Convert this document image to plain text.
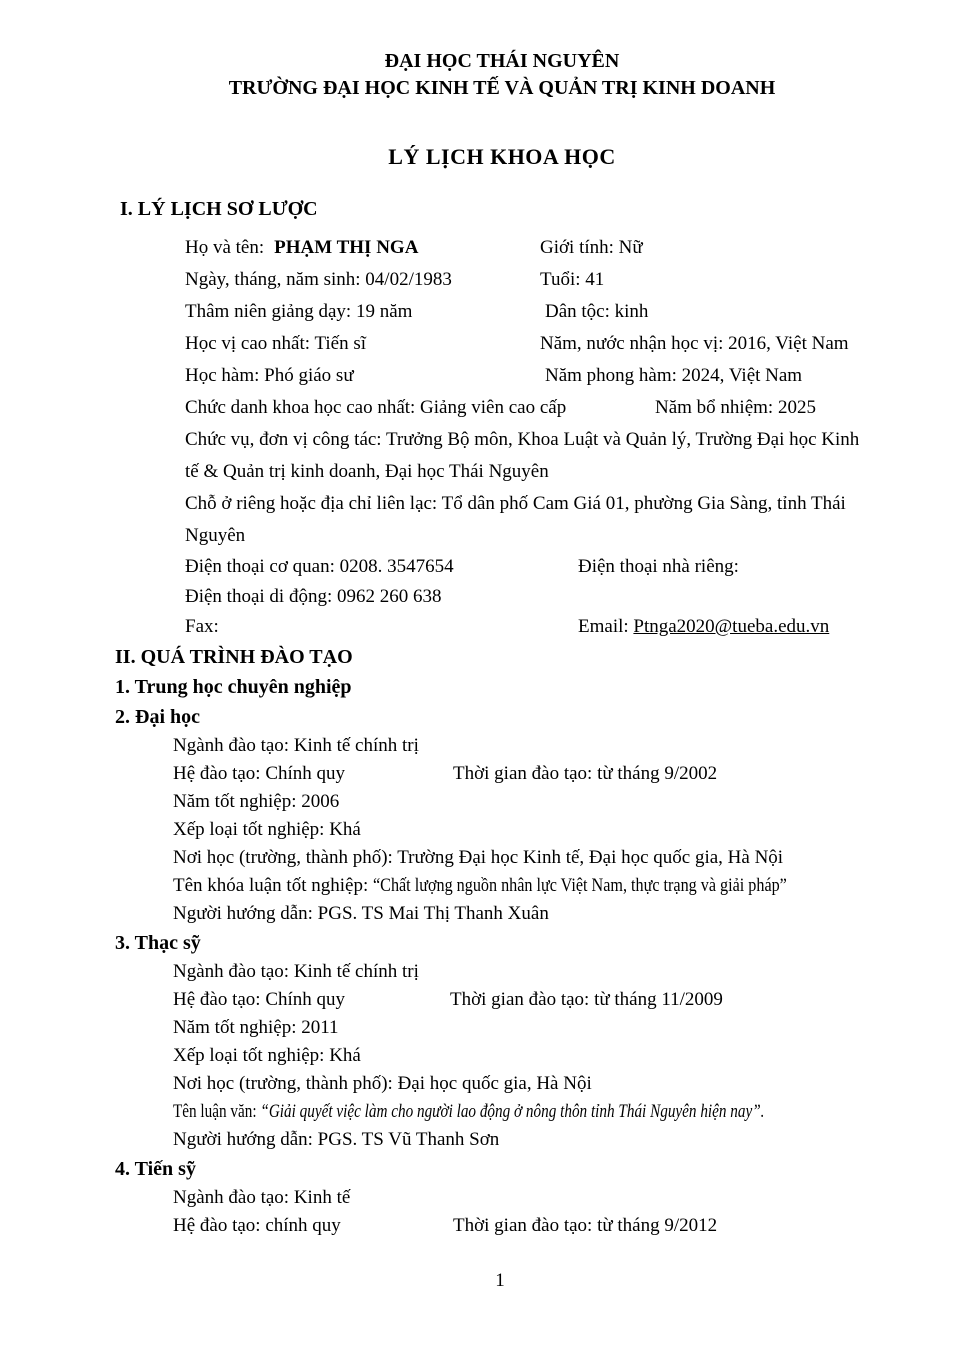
ĐẠI HỌC THÁI NGUYÊN
TRƯỜNG ĐẠI HỌC KINH TẾ VÀ QUẢN TRỊ KINH DOANH
LÝ LỊCH KHOA HỌC
I. LÝ LỊCH SƠ LƯỢC
Họ và tên: PHẠM THỊ NGA	Giới tính: Nữ
Ngày, tháng, năm sinh: 04/02/1983	Tuổi: 41
Thâm niên giảng dạy: 19 năm	Dân tộc: kinh
Học vị cao nhất: Tiến sĩ	Năm, nước nhận học vị: 2016, Việt Nam
Học hàm: Phó giáo sư	Năm phong hàm: 2024, Việt Nam
Chức danh khoa học cao nhất: Giảng viên cao cấp	Năm bổ nhiệm: 2025
Chức vụ, đơn vị công tác: Trưởng Bộ môn, Khoa Luật và Quản lý, Trường Đại học Kinh tế & Quản trị kinh doanh, Đại học Thái Nguyên
Chỗ ở riêng hoặc địa chỉ liên lạc: Tổ dân phố Cam Giá 01, phường Gia Sàng, tỉnh Thái Nguyên
Điện thoại cơ quan: 0208. 3547654	Điện thoại nhà riêng:
Điện thoại di động: 0962 260 638
Fax:	Email: Ptnga2020@tueba.edu.vn
II. QUÁ TRÌNH ĐÀO TẠO
1. Trung học chuyên nghiệp
2. Đại học
Ngành đào tạo: Kinh tế chính trị
Hệ đào tạo: Chính quy	Thời gian đào tạo: từ tháng 9/2002
Năm tốt nghiệp: 2006
Xếp loại tốt nghiệp: Khá
Nơi học (trường, thành phố): Trường Đại học Kinh tế, Đại học quốc gia, Hà Nội
Tên khóa luận tốt nghiệp: “Chất lượng nguồn nhân lực Việt Nam, thực trạng và giải pháp”
Người hướng dẫn: PGS. TS Mai Thị Thanh Xuân
3. Thạc sỹ
Ngành đào tạo: Kinh tế chính trị
Hệ đào tạo: Chính quy	Thời gian đào tạo: từ tháng 11/2009
Năm tốt nghiệp: 2011
Xếp loại tốt nghiệp: Khá
Nơi học (trường, thành phố): Đại học quốc gia, Hà Nội
Tên luận văn: “Giải quyết việc làm cho người lao động ở nông thôn tỉnh Thái Nguyên hiện nay”.
Người hướng dẫn: PGS. TS Vũ Thanh Sơn
4. Tiến sỹ
Ngành đào tạo: Kinh tế
Hệ đào tạo: chính quy	Thời gian đào tạo: từ tháng 9/2012
1
